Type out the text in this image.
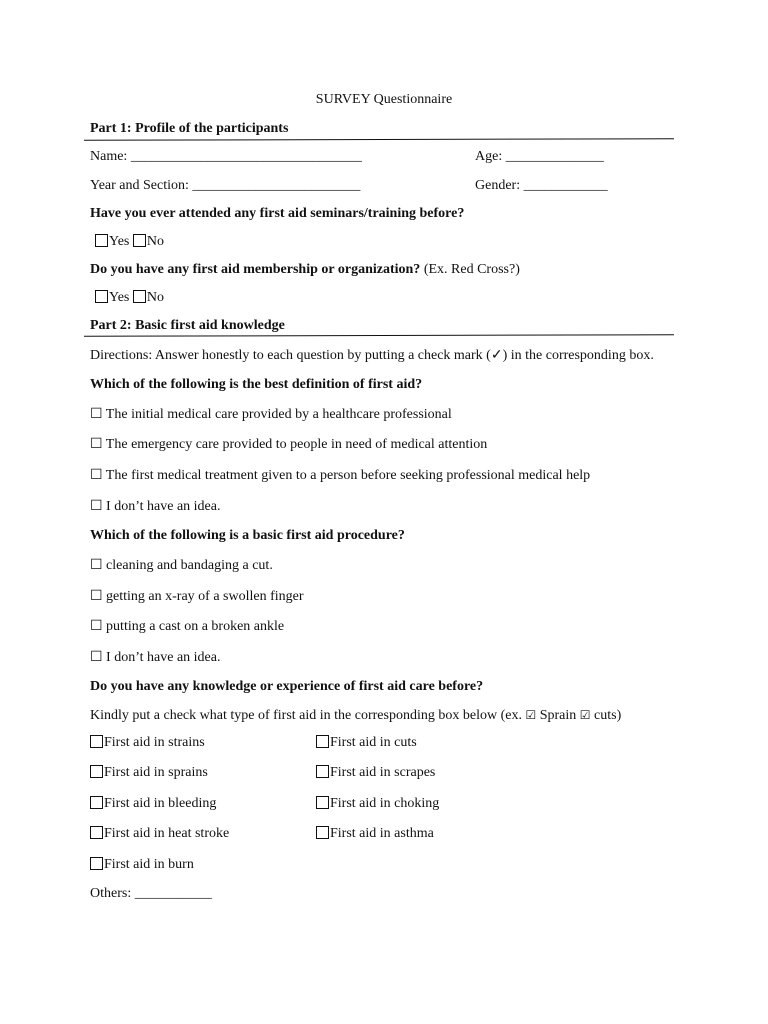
SURVEY Questionnaire
Part 1: Profile of the participants
Name: _________________________________	Age: ______________
Year and Section: ________________________	Gender: ____________
Have you ever attended any first aid seminars/training before?
Yes No
Do you have any first aid membership or organization? (Ex. Red Cross?)
Yes No
Part 2: Basic first aid knowledge
Directions: Answer honestly to each question by putting a check mark (✓) in the corresponding box.
Which of the following is the best definition of first aid?
☐ The initial medical care provided by a healthcare professional
☐ The emergency care provided to people in need of medical attention
☐ The first medical treatment given to a person before seeking professional medical help
☐ I don’t have an idea.
Which of the following is a basic first aid procedure?
☐ cleaning and bandaging a cut.
☐ getting an x-ray of a swollen finger
☐ putting a cast on a broken ankle
☐ I don’t have an idea.
Do you have any knowledge or experience of first aid care before?
Kindly put a check what type of first aid in the corresponding box below (ex. ☑ Sprain ☑ cuts)
First aid in strains
First aid in sprains
First aid in bleeding
First aid in heat stroke
First aid in burn
First aid in cuts
First aid in scrapes
First aid in choking
First aid in asthma
Others: ___________
